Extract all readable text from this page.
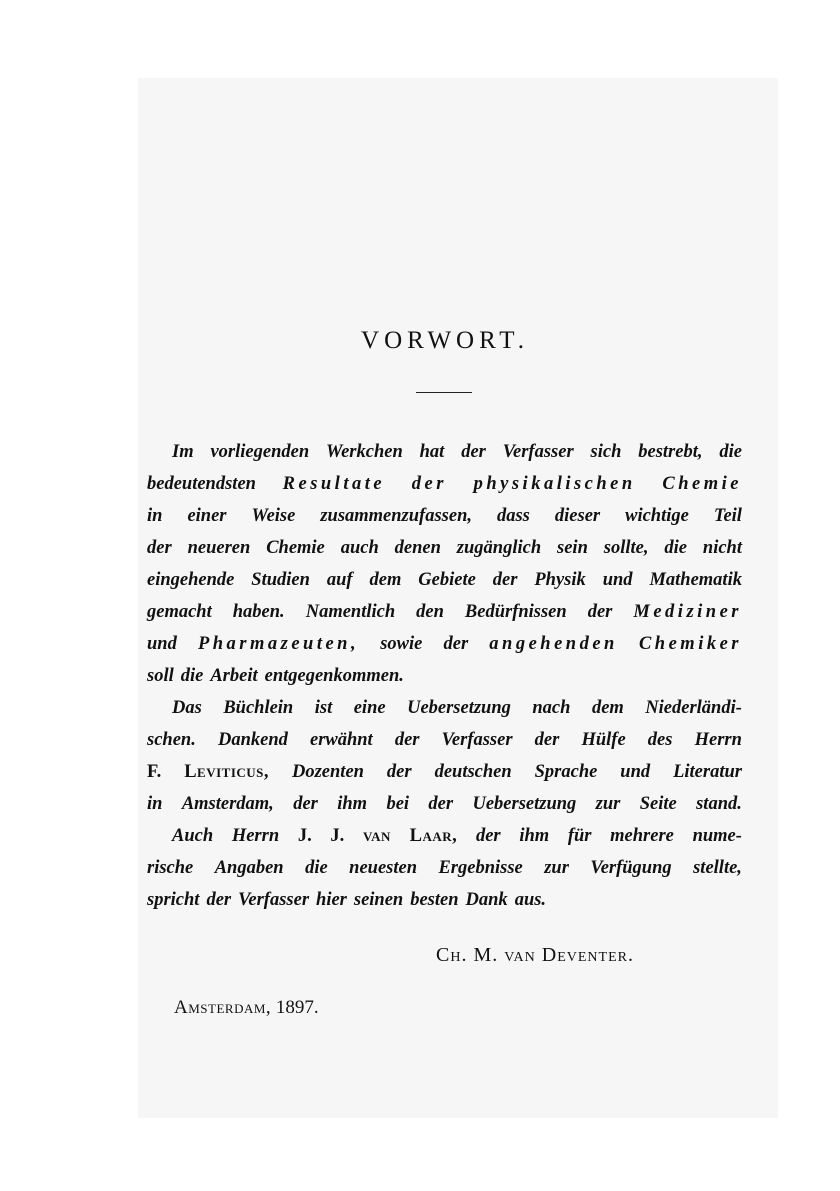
VORWORT.
Im vorliegenden Werkchen hat der Verfasser sich bestrebt, die
bedeutendsten Resultate der physikalischen Chemie
in einer Weise zusammenzufassen, dass dieser wichtige Teil
der neueren Chemie auch denen zugänglich sein sollte, die nicht
eingehende Studien auf dem Gebiete der Physik und Mathematik
gemacht haben. Namentlich den Bedürfnissen der Mediziner
und Pharmazeuten, sowie der angehenden Chemiker
soll die Arbeit entgegenkommen.
Das Büchlein ist eine Uebersetzung nach dem Niederländi-
schen. Dankend erwähnt der Verfasser der Hülfe des Herrn
F. Leviticus, Dozenten der deutschen Sprache und Literatur
in Amsterdam, der ihm bei der Uebersetzung zur Seite stand.
Auch Herrn J. J. van Laar, der ihm für mehrere nume-
rische Angaben die neuesten Ergebnisse zur Verfügung stellte,
spricht der Verfasser hier seinen besten Dank aus.
Ch. M. van Deventer.
Amsterdam, 1897.
